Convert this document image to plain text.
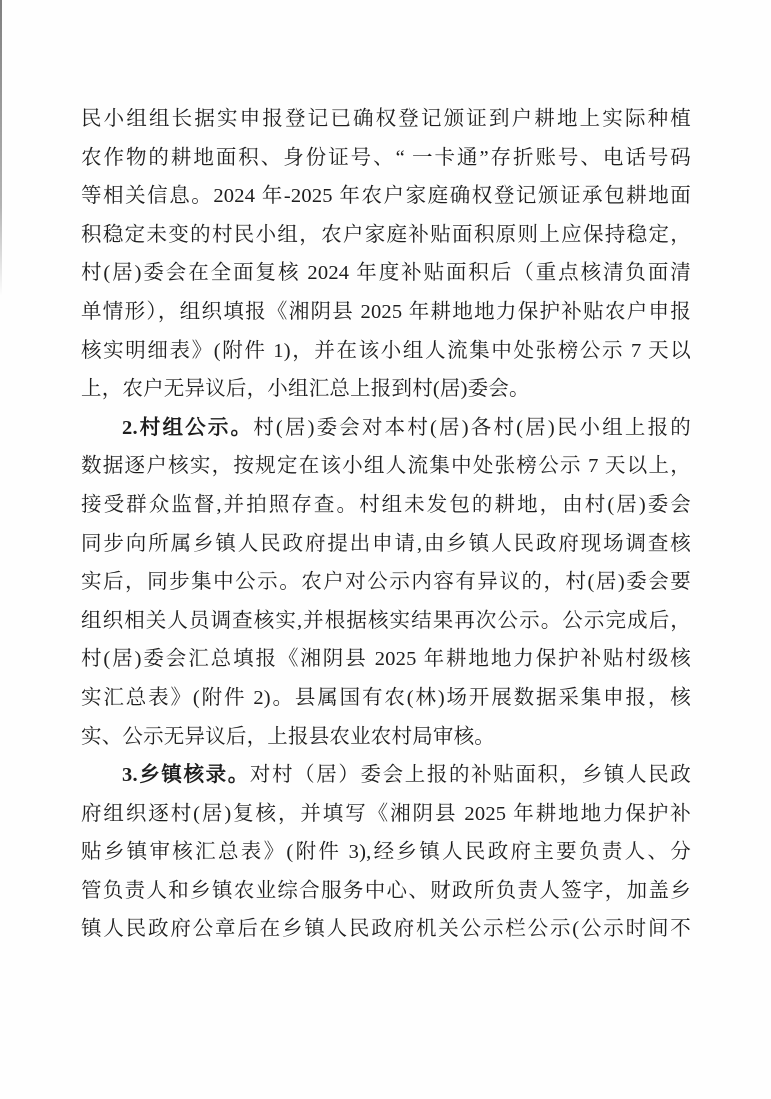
民小组组长据实申报登记已确权登记颁证到户耕地上实际种植
农作物的耕地面积、身份证号、“ 一卡通”存折账号、电话号码
等相关信息。2024 年-2025 年农户家庭确权登记颁证承包耕地面
积稳定未变的村民小组，农户家庭补贴面积原则上应保持稳定，
村(居)委会在全面复核 2024 年度补贴面积后（重点核清负面清
单情形），组织填报《湘阴县 2025 年耕地地力保护补贴农户申报
核实明细表》(附件 1)，并在该小组人流集中处张榜公示 7 天以
上，农户无异议后，小组汇总上报到村(居)委会。
2.村组公示。村(居)委会对本村(居)各村(居)民小组上报的
数据逐户核实，按规定在该小组人流集中处张榜公示 7 天以上，
接受群众监督,并拍照存查。村组未发包的耕地，由村(居)委会
同步向所属乡镇人民政府提出申请,由乡镇人民政府现场调查核
实后，同步集中公示。农户对公示内容有异议的，村(居)委会要
组织相关人员调查核实,并根据核实结果再次公示。公示完成后，
村(居)委会汇总填报《湘阴县 2025 年耕地地力保护补贴村级核
实汇总表》(附件 2)。县属国有农(林)场开展数据采集申报，核
实、公示无异议后，上报县农业农村局审核。
3.乡镇核录。对村（居）委会上报的补贴面积，乡镇人民政
府组织逐村(居)复核，并填写《湘阴县 2025 年耕地地力保护补
贴乡镇审核汇总表》(附件 3),经乡镇人民政府主要负责人、分
管负责人和乡镇农业综合服务中心、财政所负责人签字，加盖乡
镇人民政府公章后在乡镇人民政府机关公示栏公示(公示时间不
